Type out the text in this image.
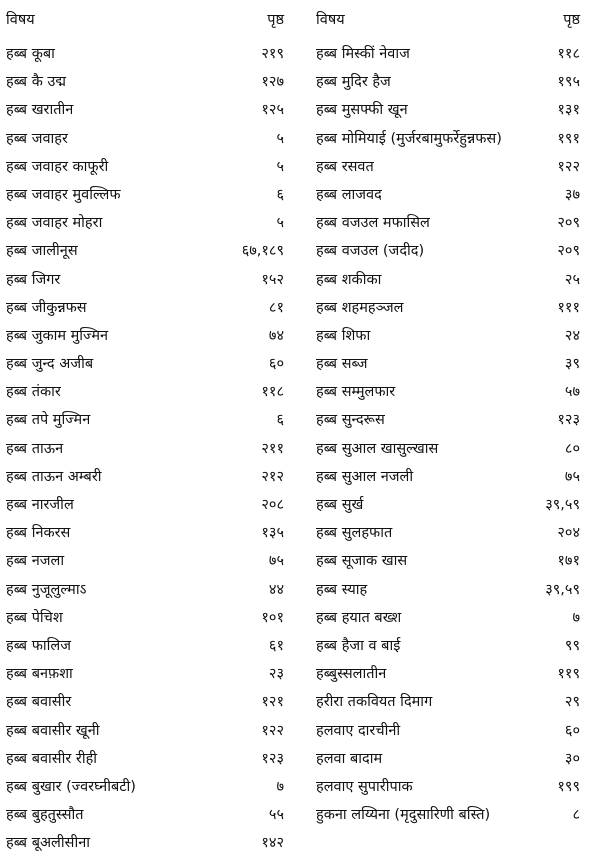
विषय	पृष्ठ
हब्ब कूबा	२१९
हब्ब कै उद्म	१२७
हब्ब खरातीन	१२५
हब्ब जवाहर	५
हब्ब जवाहर काफूरी	५
हब्ब जवाहर मुवल्लिफ	६
हब्ब जवाहर मोहरा	५
हब्ब जालीनूस	६७,१८९
हब्ब जिगर	१५२
हब्ब जीकुन्नफस	८१
हब्ब जुकाम मुज्मिन	७४
हब्ब जुन्द अजीब	६०
हब्ब तंकार	११८
हब्ब तपे मुज्मिन	६
हब्ब ताऊन	२११
हब्ब ताऊन अम्बरी	२१२
हब्ब नारजील	२०८
हब्ब निकरस	१३५
हब्ब नजला	७५
हब्ब नुजूलुल्माऽ	४४
हब्ब पेचिश	१०१
हब्ब फालिज	६१
हब्ब बनफ़शा	२३
हब्ब बवासीर	१२१
हब्ब बवासीर खूनी	१२२
हब्ब बवासीर रीही	१२३
हब्ब बुखार (ज्वरघ्नीबटी)	७
हब्ब बुहतुस्सौत	५५
हब्ब बूअलीसीना	१४२
विषय	पृष्ठ
हब्ब मिस्कीं नेवाज	११८
हब्ब मुदिर हैज	१९५
हब्ब मुसफ्फी खून	१३१
हब्ब मोमियाई (मुर्जरबामुफर्रेहुन्नफस)	१९१
हब्ब रसवत	१२२
हब्ब लाजवद	३७
हब्ब वजउल मफासिल	२०९
हब्ब वजउल (जदीद)	२०९
हब्ब शकीका	२५
हब्ब शहमहञ्जल	१११
हब्ब शिफा	२४
हब्ब सब्ज	३९
हब्ब सम्मुलफार	५७
हब्ब सुन्दरूस	१२३
हब्ब सुआल खासुल्खास	८०
हब्ब सुआल नजली	७५
हब्ब सुर्ख	३९,५९
हब्ब सुलहफात	२०४
हब्ब सूजाक खास	१७१
हब्ब स्याह	३९,५९
हब्ब हयात बख्श	७
हब्ब हैजा व बाई	९९
हब्बुस्सलातीन	११९
हरीरा तकवियत दिमाग	२९
हलवाए दारचीनी	६०
हलवा बादाम	३०
हलवाए सुपारीपाक	१९९
हुकना लय्यिना (मृदुसारिणी बस्ति)	८
